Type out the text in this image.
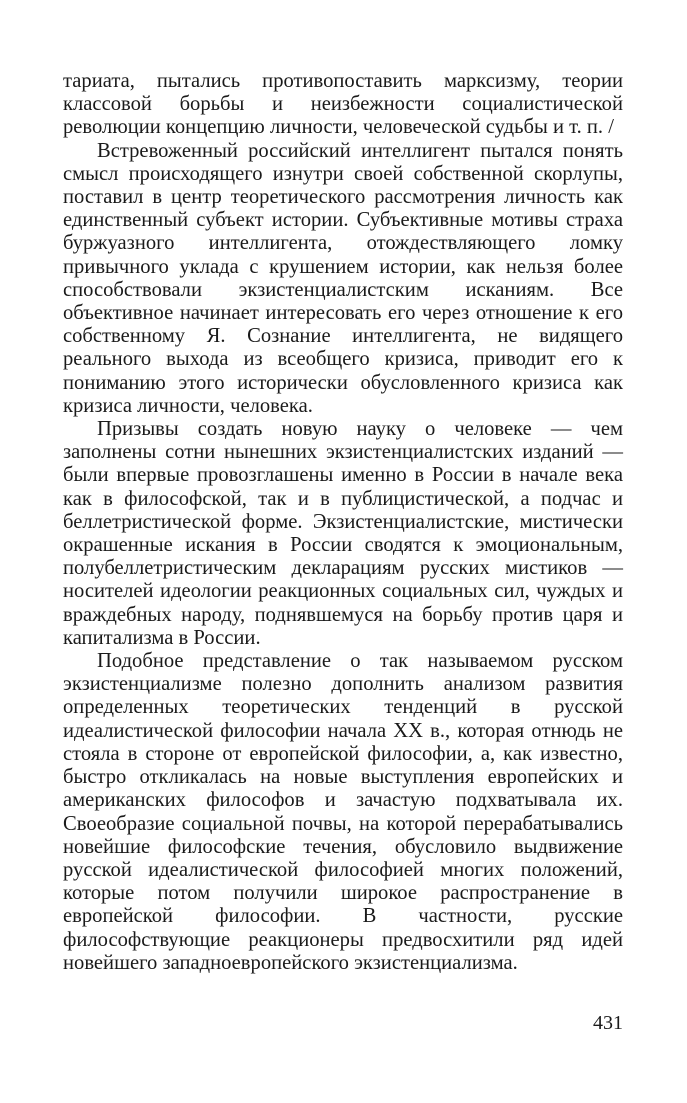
тариата, пытались противопоставить марксизму, теории классовой борьбы и неизбежности социалистической революции концепцию личности, человеческой судьбы и т. п. /

Встревоженный российский интеллигент пытался понять смысл происходящего изнутри своей собственной скорлупы, поставил в центр теоретического рассмотрения личность как единственный субъект истории. Субъективные мотивы страха буржуазного интеллигента, отождествляющего ломку привычного уклада с крушением истории, как нельзя более способствовали экзистенциалистским исканиям. Все объективное начинает интересовать его через отношение к его собственному Я. Сознание интеллигента, не видящего реального выхода из всеобщего кризиса, приводит его к пониманию этого исторически обусловленного кризиса как кризиса личности, человека.

Призывы создать новую науку о человеке — чем заполнены сотни нынешних экзистенциалистских изданий — были впервые провозглашены именно в России в начале века как в философской, так и в публицистической, а подчас и беллетристической форме. Экзистенциалистские, мистически окрашенные искания в России сводятся к эмоциональным, полубеллетристическим декларациям русских мистиков — носителей идеологии реакционных социальных сил, чуждых и враждебных народу, поднявшемуся на борьбу против царя и капитализма в России.

Подобное представление о так называемом русском экзистенциализме полезно дополнить анализом развития определенных теоретических тенденций в русской идеалистической философии начала XX в., которая отнюдь не стояла в стороне от европейской философии, а, как известно, быстро откликалась на новые выступления европейских и американских философов и зачастую подхватывала их. Своеобразие социальной почвы, на которой перерабатывались новейшие философские течения, обусловило выдвижение русской идеалистической философией многих положений, которые потом получили широкое распространение в европейской философии. В частности, русские философствующие реакционеры предвосхитили ряд идей новейшего западноевропейского экзистенциализма.

431
